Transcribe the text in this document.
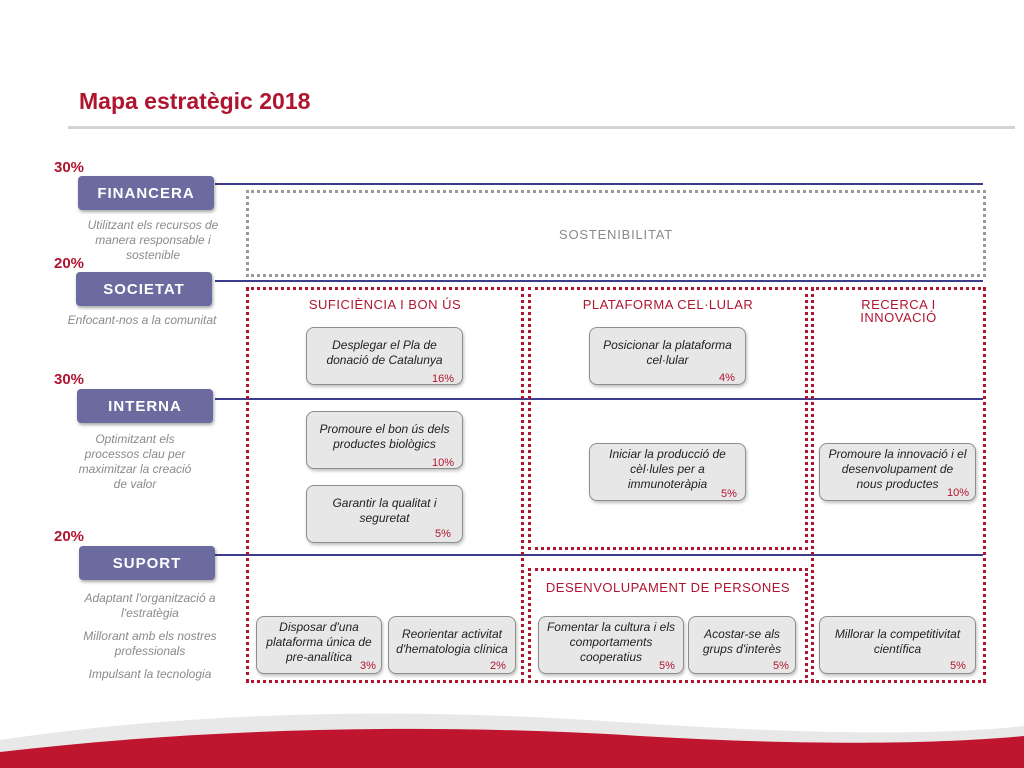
Mapa estratègic 2018
30%
FINANCERA
Utilitzant els recursos de manera responsable i sostenible
20%
SOCIETAT
Enfocant-nos a la comunitat
30%
INTERNA
Optimitzant els processos clau per maximitzar la creació de valor
20%
SUPORT
Adaptant l'organització a l'estratègia
Millorant amb els nostres professionals
Impulsant la tecnologia
SOSTENIBILITAT
SUFICIÈNCIA I BON ÚS	PLATAFORMA CEL·LULAR	RECERCA I INNOVACIÓ
DESENVOLUPAMENT DE PERSONES
Desplegar el Pla de donació de Catalunya
16%
Posicionar la plataforma cel·lular
4%
Promoure el bon ús dels productes biològics
10%
Iniciar la producció de cèl·lules per a immunoteràpia
5%
Promoure la innovació i el desenvolupament de nous productes
10%
Garantir la qualitat i seguretat
5%
Disposar d'una plataforma única de pre-analítica
3%
Reorientar activitat d'hematologia clínica
2%
Fomentar la cultura i els comportaments cooperatius
5%
Acostar-se als grups d'interès
5%
Millorar la competitivitat científica
5%
